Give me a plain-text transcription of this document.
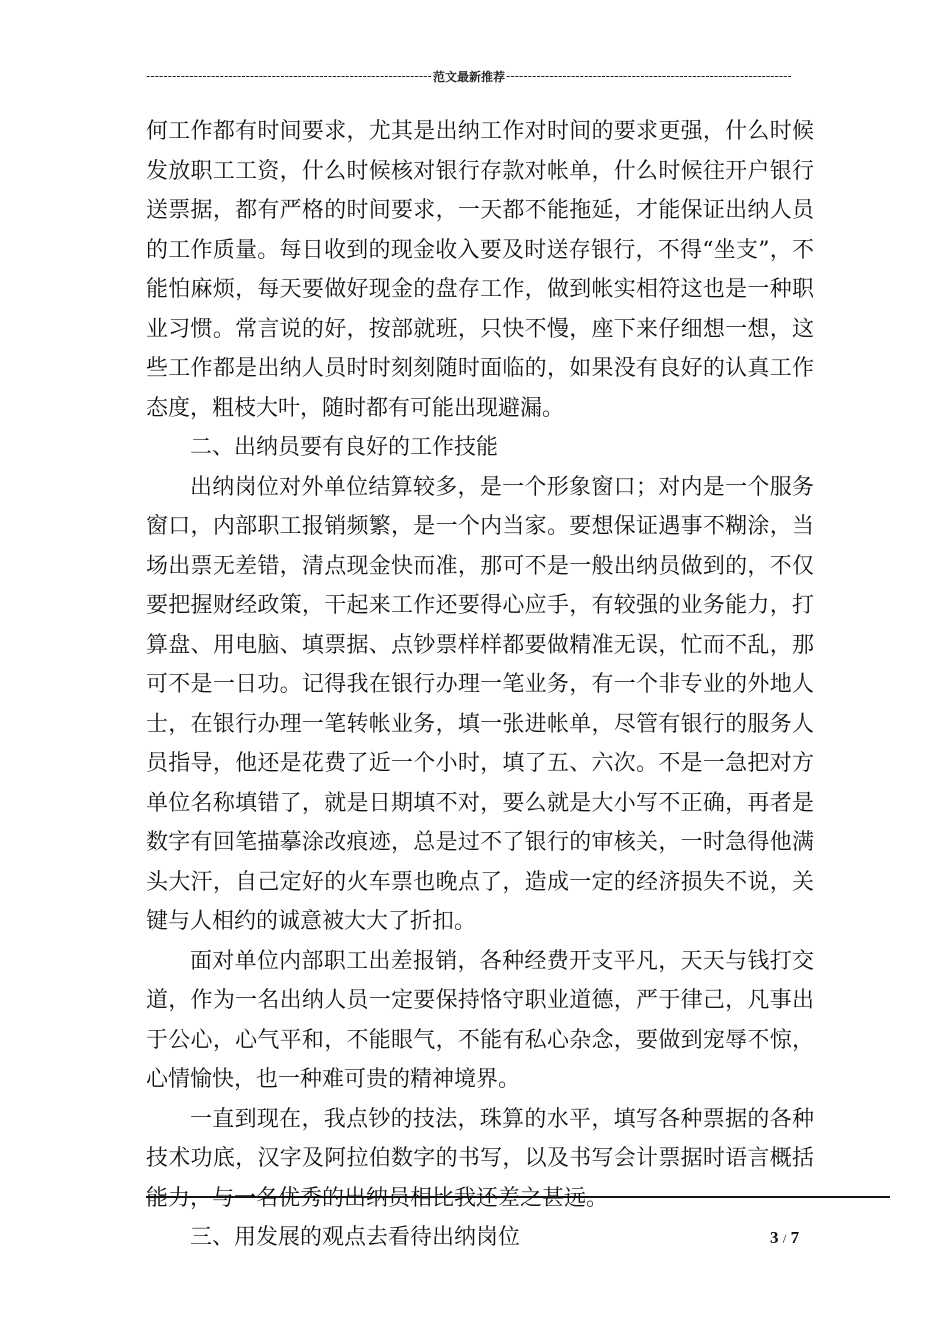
-----
范文最新推荐
-----

何工作都有时间要求，尤其是出纳工作对时间的要求更强，什么时候发放职工工资，什么时候核对银行存款对帐单，什么时候往开户银行送票据，都有严格的时间要求，一天都不能拖延，才能保证出纳人员的工作质量。每日收到的现金收入要及时送存银行，不得“坐支”，不能怕麻烦，每天要做好现金的盘存工作，做到帐实相符这也是一种职业习惯。常言说的好，按部就班，只快不慢，座下来仔细想一想，这些工作都是出纳人员时时刻刻随时面临的，如果没有良好的认真工作态度，粗枝大叶，随时都有可能出现避漏。

二、出纳员要有良好的工作技能

出纳岗位对外单位结算较多，是一个形象窗口；对内是一个服务窗口，内部职工报销频繁，是一个内当家。要想保证遇事不糊涂，当场出票无差错，清点现金快而准，那可不是一般出纳员做到的，不仅要把握财经政策，干起来工作还要得心应手，有较强的业务能力，打算盘、用电脑、填票据、点钞票样样都要做精准无误，忙而不乱，那可不是一日功。记得我在银行办理一笔业务，有一个非专业的外地人士，在银行办理一笔转帐业务，填一张进帐单，尽管有银行的服务人员指导，他还是花费了近一个小时，填了五、六次。不是一急把对方单位名称填错了，就是日期填不对，要么就是大小写不正确，再者是数字有回笔描摹涂改痕迹，总是过不了银行的审核关，一时急得他满头大汗，自己定好的火车票也晚点了，造成一定的经济损失不说，关键与人相约的诚意被大大了折扣。

面对单位内部职工出差报销，各种经费开支平凡，天天与钱打交道，作为一名出纳人员一定要保持恪守职业道德，严于律己，凡事出于公心，心气平和，不能眼气，不能有私心杂念，要做到宠辱不惊，心情愉快，也一种难可贵的精神境界。

一直到现在，我点钞的技法，珠算的水平，填写各种票据的各种技术功底，汉字及阿拉伯数字的书写，以及书写会计票据时语言概括能力，与一名优秀的出纳员相比我还差之甚远。

三、用发展的观点去看待出纳岗位	3 / 7
